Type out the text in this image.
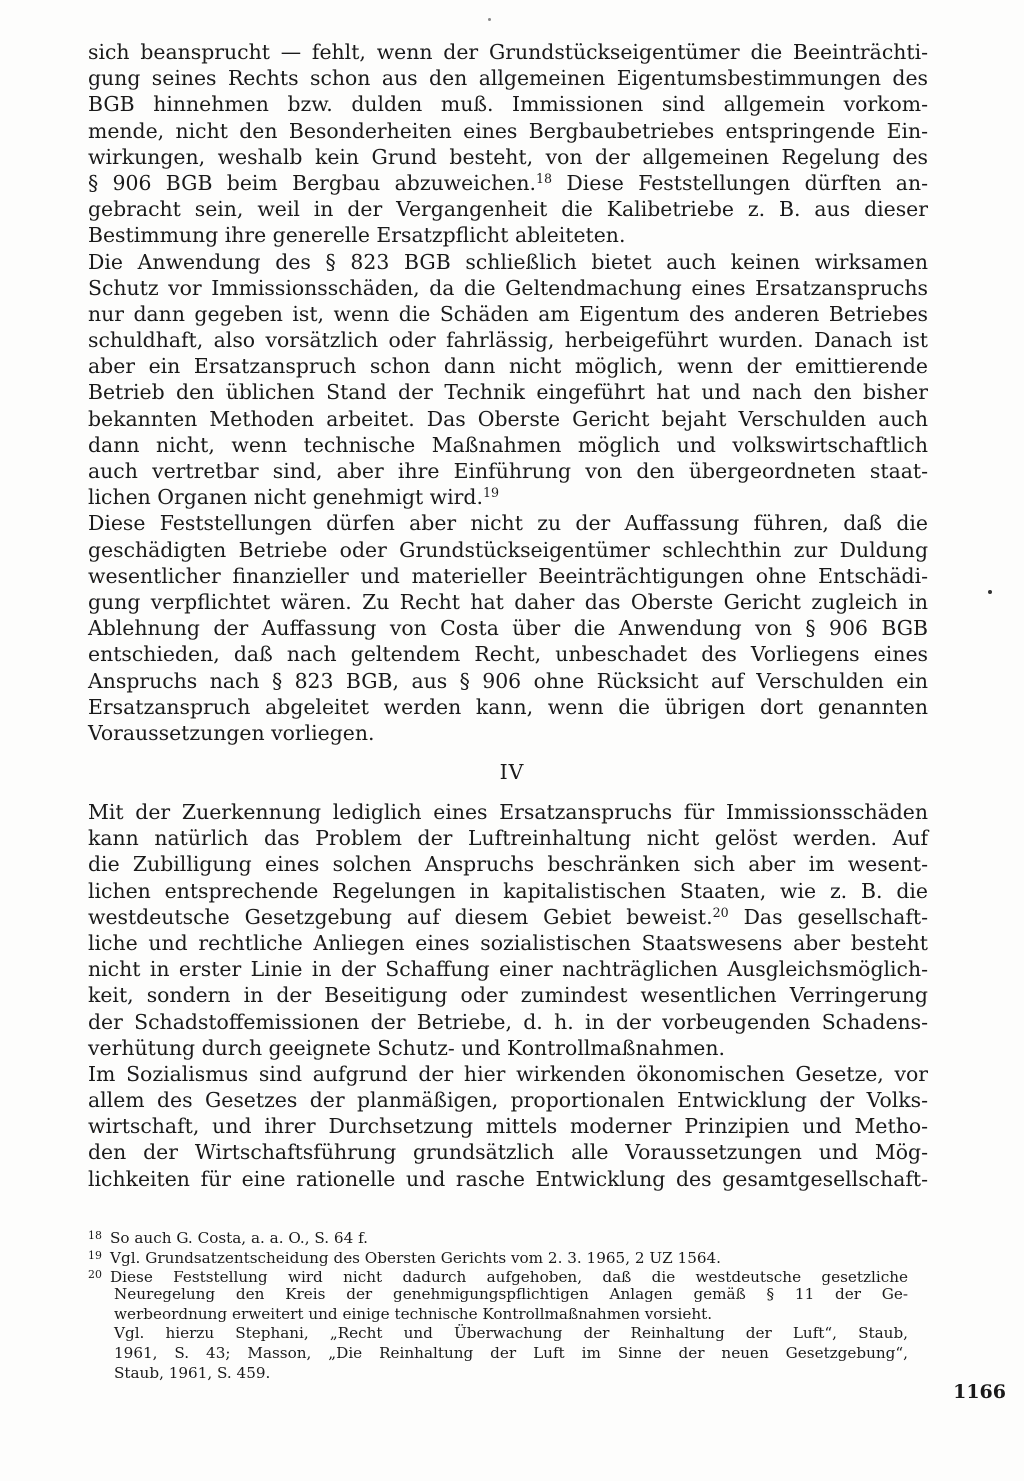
sich beansprucht — fehlt, wenn der Grundstückseigentümer die Beeinträchti-
gung seines Rechts schon aus den allgemeinen Eigentumsbestimmungen des
BGB hinnehmen bzw. dulden muß. Immissionen sind allgemein vorkom-
mende, nicht den Besonderheiten eines Bergbaubetriebes entspringende Ein-
wirkungen, weshalb kein Grund besteht, von der allgemeinen Regelung des
§ 906 BGB beim Bergbau abzuweichen.$^{18}$ Diese Feststellungen dürften an-
gebracht sein, weil in der Vergangenheit die Kalibetriebe z. B. aus dieser
Bestimmung ihre generelle Ersatzpflicht ableiteten.
Die Anwendung des § 823 BGB schließlich bietet auch keinen wirksamen
Schutz vor Immissionsschäden, da die Geltendmachung eines Ersatzanspruchs
nur dann gegeben ist, wenn die Schäden am Eigentum des anderen Betriebes
schuldhaft, also vorsätzlich oder fahrlässig, herbeigeführt wurden. Danach ist
aber ein Ersatzanspruch schon dann nicht möglich, wenn der emittierende
Betrieb den üblichen Stand der Technik eingeführt hat und nach den bisher
bekannten Methoden arbeitet. Das Oberste Gericht bejaht Verschulden auch
dann nicht, wenn technische Maßnahmen möglich und volkswirtschaftlich
auch vertretbar sind, aber ihre Einführung von den übergeordneten staat-
lichen Organen nicht genehmigt wird.$^{19}$
Diese Feststellungen dürfen aber nicht zu der Auffassung führen, daß die
geschädigten Betriebe oder Grundstückseigentümer schlechthin zur Duldung
wesentlicher finanzieller und materieller Beeinträchtigungen ohne Entschädi-
gung verpflichtet wären. Zu Recht hat daher das Oberste Gericht zugleich in
Ablehnung der Auffassung von Costa über die Anwendung von § 906 BGB
entschieden, daß nach geltendem Recht, unbeschadet des Vorliegens eines
Anspruchs nach § 823 BGB, aus § 906 ohne Rücksicht auf Verschulden ein
Ersatzanspruch abgeleitet werden kann, wenn die übrigen dort genannten
Voraussetzungen vorliegen.
IV
Mit der Zuerkennung lediglich eines Ersatzanspruchs für Immissionsschäden
kann natürlich das Problem der Luftreinhaltung nicht gelöst werden. Auf
die Zubilligung eines solchen Anspruchs beschränken sich aber im wesent-
lichen entsprechende Regelungen in kapitalistischen Staaten, wie z. B. die
westdeutsche Gesetzgebung auf diesem Gebiet beweist.$^{20}$ Das gesellschaft-
liche und rechtliche Anliegen eines sozialistischen Staatswesens aber besteht
nicht in erster Linie in der Schaffung einer nachträglichen Ausgleichsmöglich-
keit, sondern in der Beseitigung oder zumindest wesentlichen Verringerung
der Schadstoffemissionen der Betriebe, d. h. in der vorbeugenden Schadens-
verhütung durch geeignete Schutz- und Kontrollmaßnahmen.
Im Sozialismus sind aufgrund der hier wirkenden ökonomischen Gesetze, vor
allem des Gesetzes der planmäßigen, proportionalen Entwicklung der Volks-
wirtschaft, und ihrer Durchsetzung mittels moderner Prinzipien und Metho-
den der Wirtschaftsführung grundsätzlich alle Voraussetzungen und Mög-
lichkeiten für eine rationelle und rasche Entwicklung des gesamtgesellschaft-
18 So auch G. Costa, a. a. O., S. 64 f.
19 Vgl. Grundsatzentscheidung des Obersten Gerichts vom 2. 3. 1965, 2 UZ 1564.
20 Diese Feststellung wird nicht dadurch aufgehoben, daß die westdeutsche gesetzliche
Neuregelung den Kreis der genehmigungspflichtigen Anlagen gemäß § 11 der Ge-
werbeordnung erweitert und einige technische Kontrollmaßnahmen vorsieht.
Vgl. hierzu Stephani, „Recht und Überwachung der Reinhaltung der Luft“, Staub,
1961, S. 43; Masson, „Die Reinhaltung der Luft im Sinne der neuen Gesetzgebung“,
Staub, 1961, S. 459.
1166
